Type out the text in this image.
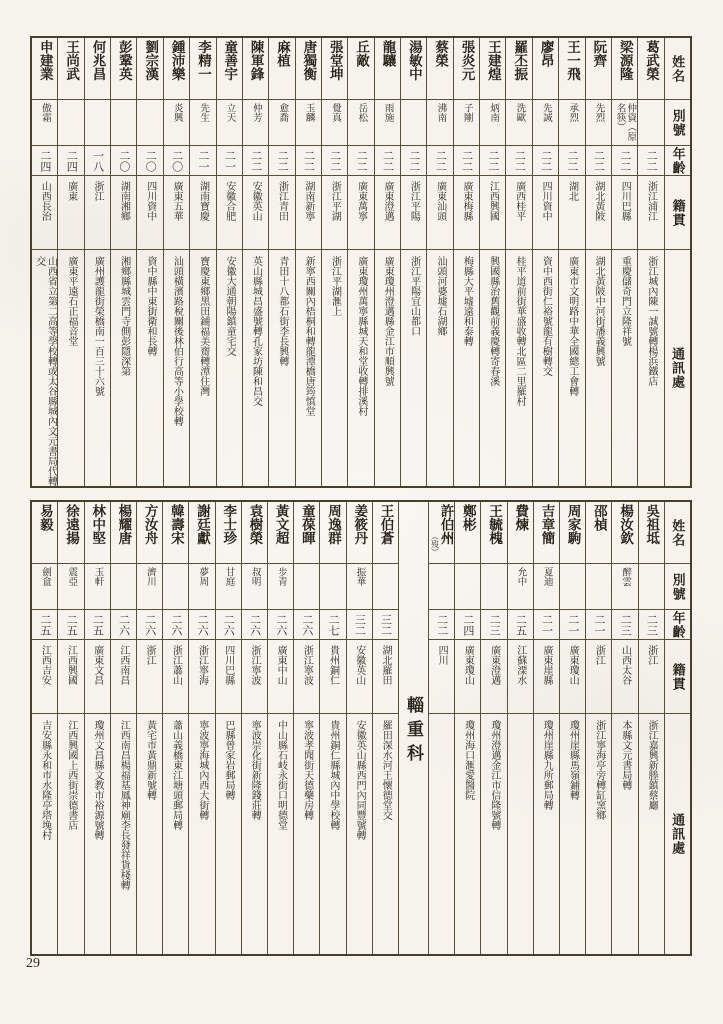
姓名
別號
年齡
籍貫
通訊處
葛武榮
二二
浙江浦江
浙江城內陳一誠號轉楊浜鐵店
梁源隆
仲資（原名筷）
二二
四川巴縣
重慶儲奇門立隆祥號
阮齊
先烈
二二
湖北黃陂
湖北黃陂中河街潘義興號
王一飛
承烈
二二
湖北
廣東市文明路中華全國總工會轉
廖昂
先誠
二二
四川資中
資中西街仁裕號龍有樹轉交
羅丕振
洗歐
二二
廣西桂平
桂平道前街華盛收轉北區二里羅村
王建煌
炳南
二二
江西興國
興國縣治舊觀前義慶轉寄春溪
張炎元
子剛
二二
廣東梅縣
梅縣大平墟遠和泰轉
蔡榮
沸南
二二
廣東汕頭
汕頭河婆墟石湖鄉
湯敏中
二二
浙江平陽
浙江平陽宜山都口
龍驤
雨施
二二
廣東澄邁
廣東瓊州澄邁縣金江市順興號
丘敵
岳松
二二
廣東萬寧
廣東瓊州萬寧縣城天和堂收轉排溪村
張堂坤
覺真
二二
浙江平湖
浙江平湖滙上
唐獨衡
玉麟
二二
湖南新寧
新寧西關內梧桐和轉龍潭橋唐筠慎堂
麻植
愈喬
二二
浙江青田
青田十八都石街李長興轉
陳軍鋒
仲芳
二二
安徽英山
英山縣城昌盛號轉孔家坊陳和昌交
童善宇
立天
二一
安徽合肥
安徽大通朝陽鎮童宅交
李精一
先生
二一
湖南寶慶
寶慶東鄉黑田鋪福美齋轉潭住灣
鍾沛樂
炎興
二〇
廣東五華
汕頭橫濱路稅關後林伯行高等小學校轉
劉宗漢
二〇
四川資中
資中縣中東街衛和長轉
彭鞏英
二〇
湖南湘鄉
湘鄉縣城雲門寺側彭隱深第
何兆昌
一八
浙江
廣州護龍街榮橋南一百三十六號
王尚武
二四
廣東
廣東平遠石正福音堂
申建業
傲霜
二四
山西長治
山西省立第二高等學校轉或太谷縣城內文元書局代轉交
姓名
別號
年齡
籍貫
通訊處
吳祖坻
二三
浙江
浙江嘉興新塍鎮蔡廳
楊汝欽
醉雲
二三
山西太谷
本縣文元書局轉
邵楨
二一
浙江
浙江寧海亭旁轉缸窯鄉
周家駒
二一
廣東瓊山
瓊州崖縣馬嶺鋪轉
吉章簡
夏迪
二一
廣東崖縣
瓊州崖縣九所郵局轉
費煉
允中
二五
江蘇溧水
王毓槐
二三
廣東澄邁
瓊州澄邁金江市信隆號轉
鄭彬
二四
廣東瓊山
瓊州海口滙愛醫院
許伯州
（歿）
二二
四川
輜重科
王伯蒼
三二
湖北羅田
羅田深水河王懷德堂交
姜筱丹
振華
三二
安徽英山
安徽英山縣西門內同豐號轉
周逸群
二七
貴州銅仁
貴州銅仁縣城內中學校轉
童葆暉
二六
浙江寧波
寧波孝聞街天德藥房轉
黃文超
步青
二六
廣東中山
中山縣石岐永街口明德堂
袁樹榮
叔明
二六
浙江寧波
寧波崇化街新隆錢莊轉
李士珍
甘庭
二六
四川巴縣
巴縣曾家岩郵局轉
謝廷獻
夢周
二六
浙江寧海
寧波寧海城內西大街轉
韓壽宋
二六
浙江蕭山
蕭山義橋東江塘頭郵局轉
方汝舟
濟川
二六
浙江
黃宅市黃鼎新號轉
楊耀唐
二六
江西南昌
江西南昌楊福基鳳神廟李長發祥貨棧轉
林中堅
玉軒
二五
廣東文昌
瓊州文昌縣文教市裕源號轉
徐遠揚
震亞
二五
江西興國
江西興國上西街崇德書店
易毅
劍盒
二五
江西吉安
吉安縣永和市水隆亭塔堍村
29
